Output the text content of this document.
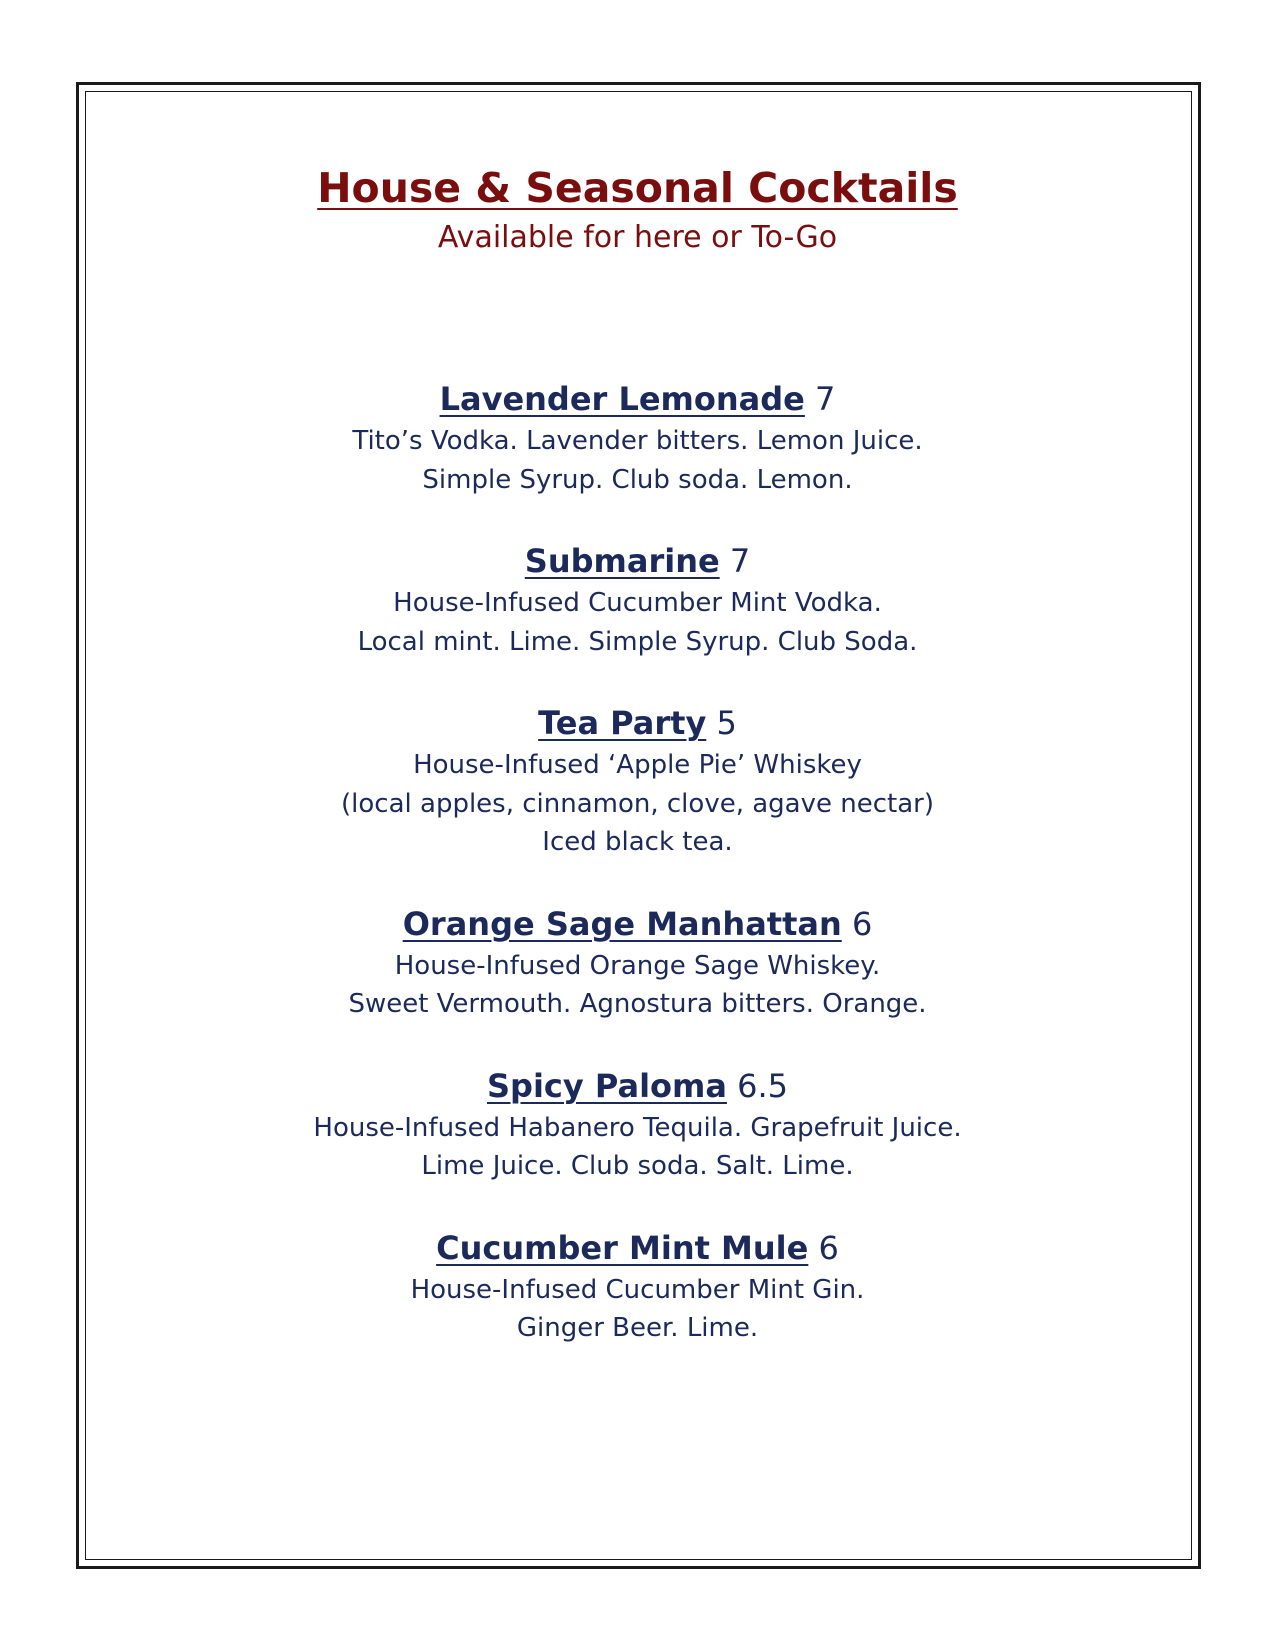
House & Seasonal Cocktails

Available for here or To-Go

Lavender Lemonade 7

Tito’s Vodka. Lavender bitters. Lemon Juice.

Simple Syrup. Club soda. Lemon.

Submarine 7

House-Infused Cucumber Mint Vodka.

Local mint. Lime. Simple Syrup. Club Soda.

Tea Party 5

House-Infused ‘Apple Pie’ Whiskey

(local apples, cinnamon, clove, agave nectar)

Iced black tea.

Orange Sage Manhattan 6

House-Infused Orange Sage Whiskey.

Sweet Vermouth. Agnostura bitters. Orange.

Spicy Paloma 6.5

House-Infused Habanero Tequila. Grapefruit Juice.

Lime Juice. Club soda. Salt. Lime.

Cucumber Mint Mule 6

House-Infused Cucumber Mint Gin.

Ginger Beer. Lime.
